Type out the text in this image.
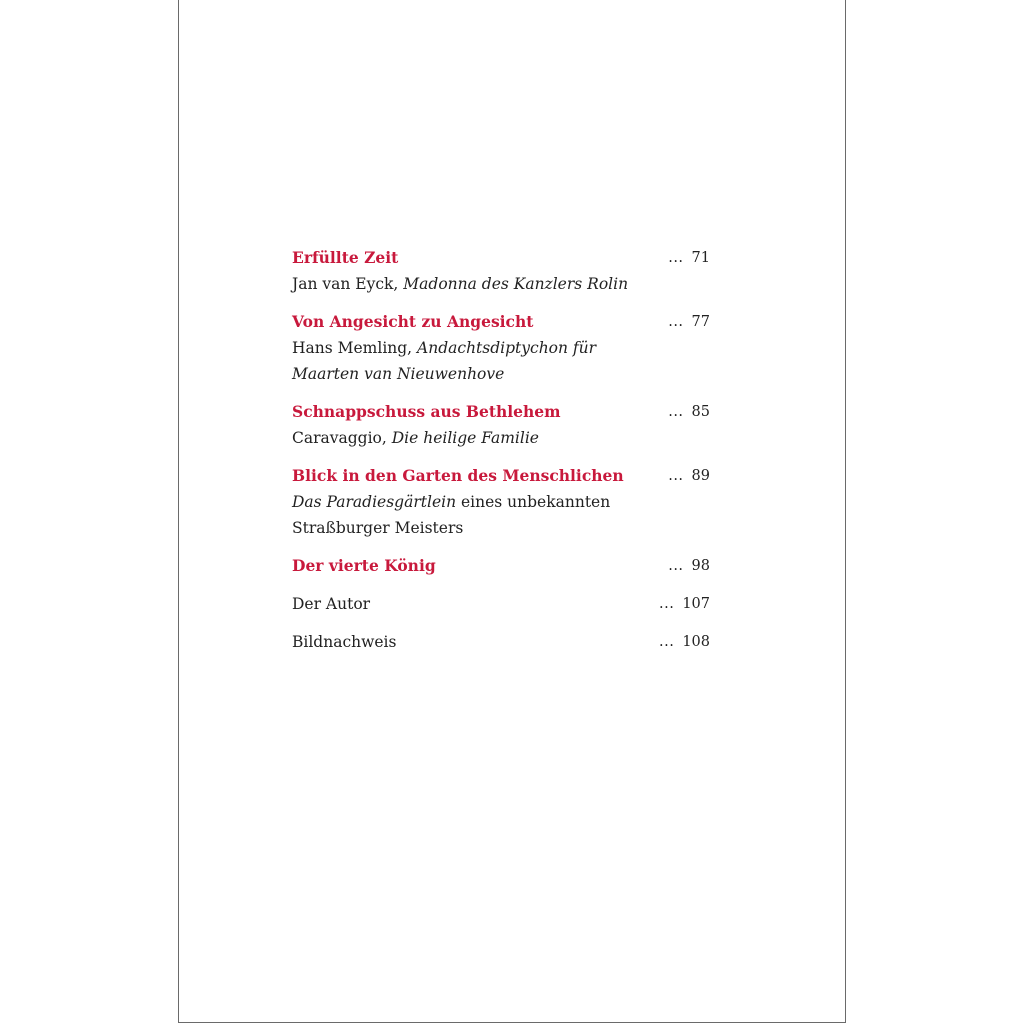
Erfüllte Zeit	... 71
Jan van Eyck, Madonna des Kanzlers Rolin
Von Angesicht zu Angesicht	... 77
Hans Memling, Andachtsdiptychon für
Maarten van Nieuwenhove
Schnappschuss aus Bethlehem	... 85
Caravaggio, Die heilige Familie
Blick in den Garten des Menschlichen	... 89
Das Paradiesgärtlein eines unbekannten
Straßburger Meisters
Der vierte König	... 98
Der Autor	... 107
Bildnachweis	... 108
